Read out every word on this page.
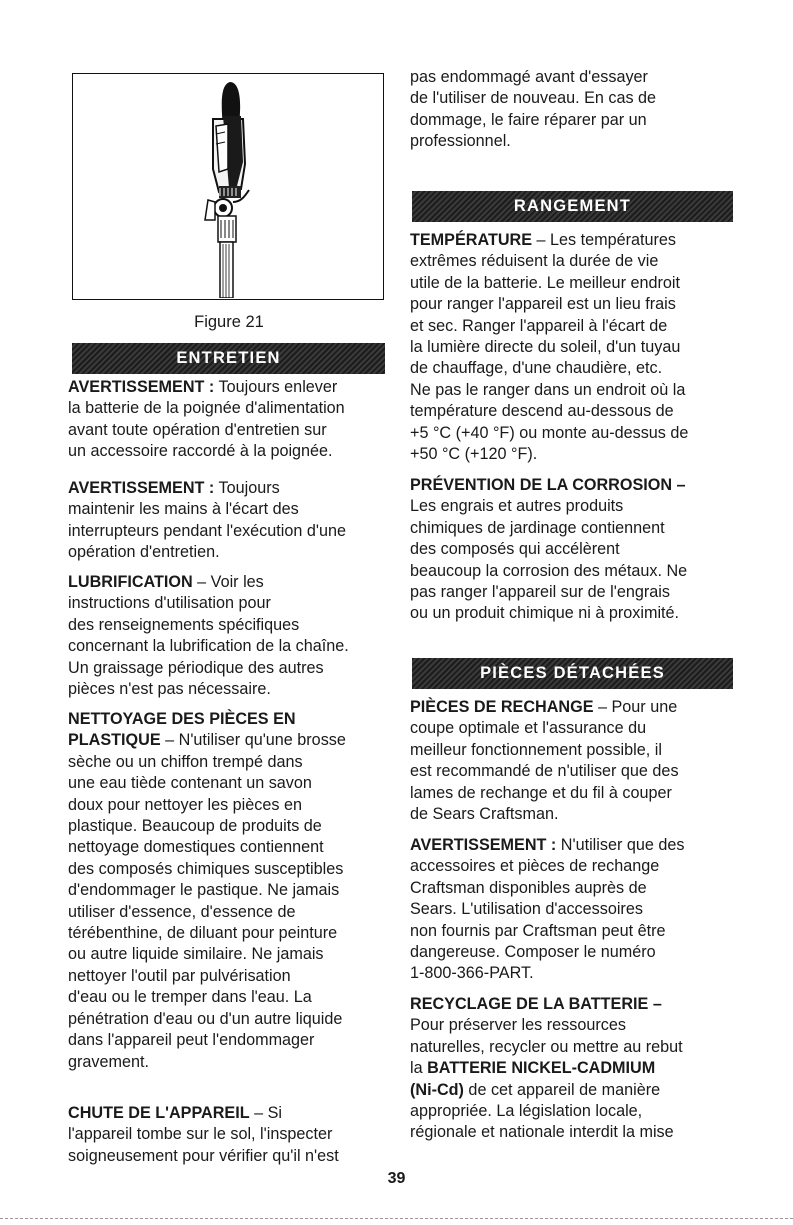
Figure 21
ENTRETIEN

AVERTISSEMENT : Toujours enlever
la batterie de la poignée d'alimentation
avant toute opération d'entretien sur
un accessoire raccordé à la poignée.

AVERTISSEMENT : Toujours
maintenir les mains à l'écart des
interrupteurs pendant l'exécution d'une
opération d'entretien.

LUBRIFICATION – Voir les
instructions d'utilisation pour
des renseignements spécifiques
concernant la lubrification de la chaîne.
Un graissage périodique des autres
pièces n'est pas nécessaire.

NETTOYAGE DES PIÈCES EN
PLASTIQUE – N'utiliser qu'une brosse
sèche ou un chiffon trempé dans
une eau tiède contenant un savon
doux pour nettoyer les pièces en
plastique. Beaucoup de produits de
nettoyage domestiques contiennent
des composés chimiques susceptibles
d'endommager le pastique. Ne jamais
utiliser d'essence, d'essence de
térébenthine, de diluant pour peinture
ou autre liquide similaire. Ne jamais
nettoyer l'outil par pulvérisation
d'eau ou le tremper dans l'eau. La
pénétration d'eau ou d'un autre liquide
dans l'appareil peut l'endommager
gravement.

CHUTE DE L'APPAREIL – Si
l'appareil tombe sur le sol, l'inspecter
soigneusement pour vérifier qu'il n'est

pas endommagé avant d'essayer
de l'utiliser de nouveau. En cas de
dommage, le faire réparer par un
professionnel.

RANGEMENT

TEMPÉRATURE – Les températures
extrêmes réduisent la durée de vie
utile de la batterie. Le meilleur endroit
pour ranger l'appareil est un lieu frais
et sec. Ranger l'appareil à l'écart de
la lumière directe du soleil, d'un tuyau
de chauffage, d'une chaudière, etc.
Ne pas le ranger dans un endroit où la
température descend au-dessous de
+5 °C (+40 °F) ou monte au-dessus de
+50 °C (+120 °F).

PRÉVENTION DE LA CORROSION –
Les engrais et autres produits
chimiques de jardinage contiennent
des composés qui accélèrent
beaucoup la corrosion des métaux. Ne
pas ranger l'appareil sur de l'engrais
ou un produit chimique ni à proximité.

PIÈCES DÉTACHÉES

PIÈCES DE RECHANGE – Pour une
coupe optimale et l'assurance du
meilleur fonctionnement possible, il
est recommandé de n'utiliser que des
lames de rechange et du fil à couper
de Sears Craftsman.

AVERTISSEMENT : N'utiliser que des
accessoires et pièces de rechange
Craftsman disponibles auprès de
Sears. L'utilisation d'accessoires
non fournis par Craftsman peut être
dangereuse. Composer le numéro
1-800-366-PART.

RECYCLAGE DE LA BATTERIE –
Pour préserver les ressources
naturelles, recycler ou mettre au rebut
la BATTERIE NICKEL-CADMIUM
(Ni-Cd) de cet appareil de manière
appropriée. La législation locale,
régionale et nationale interdit la mise

39
